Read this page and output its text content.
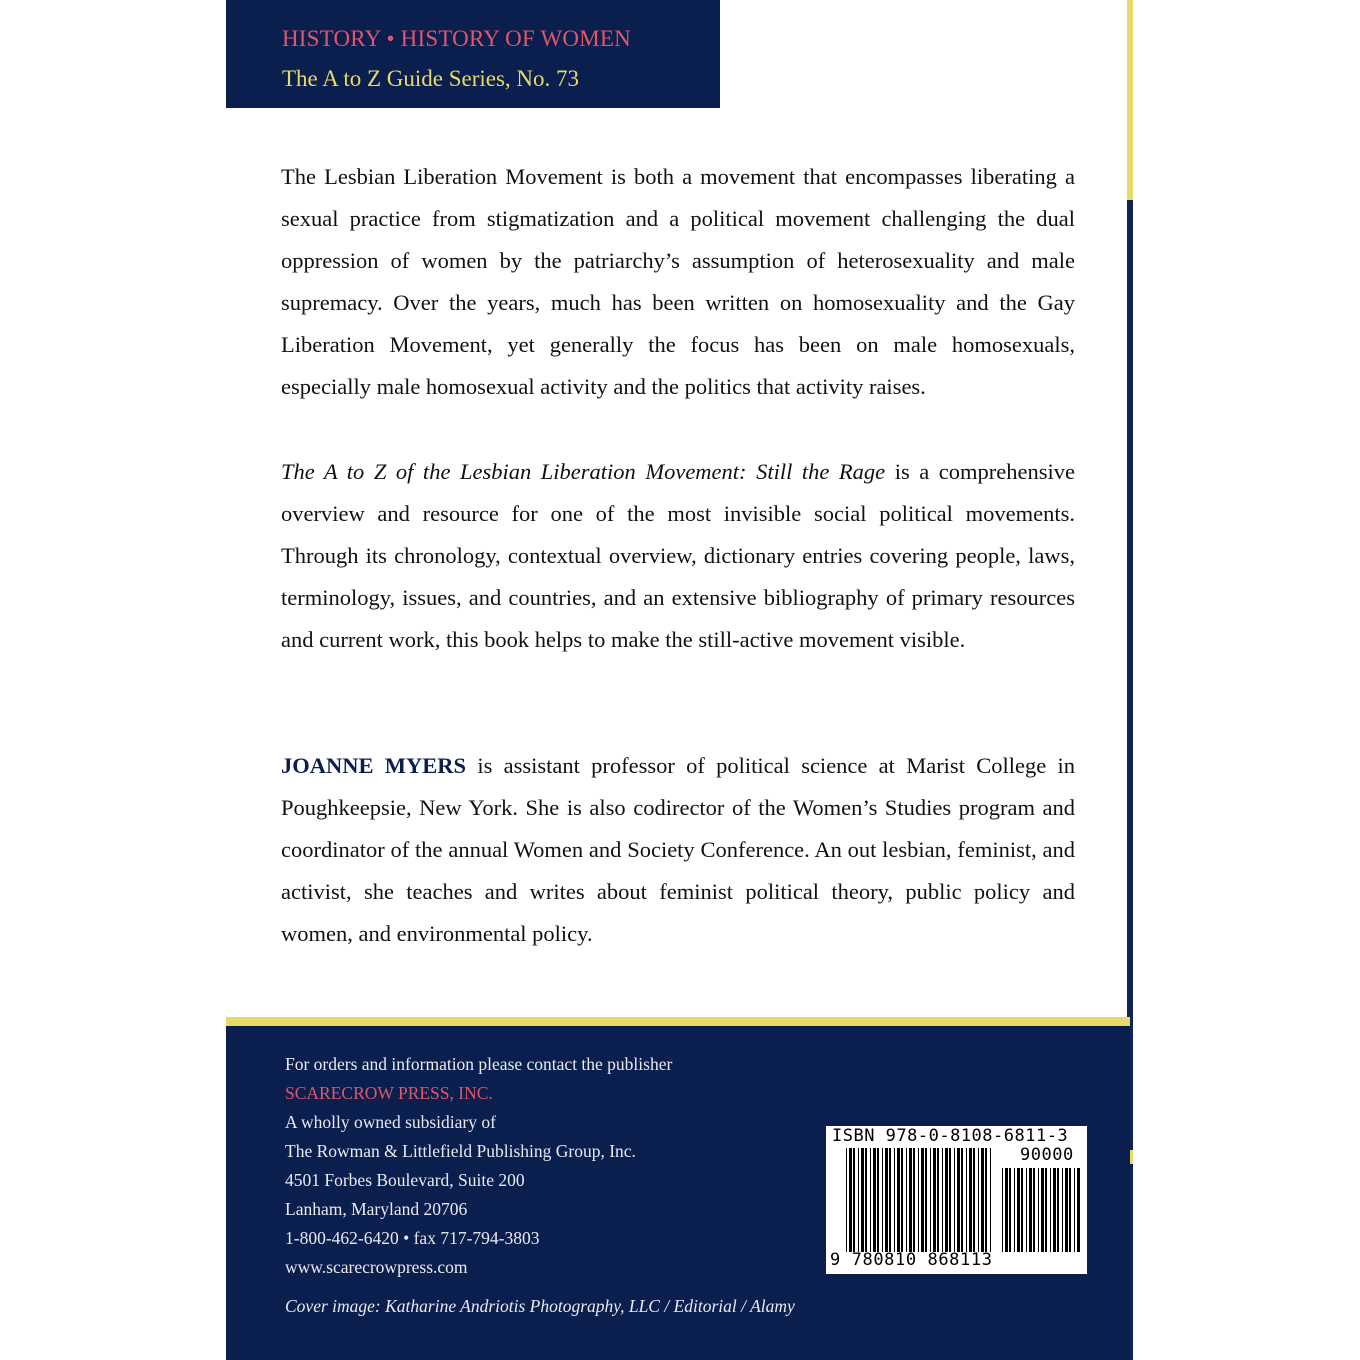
HISTORY • HISTORY OF WOMEN
The A to Z Guide Series, No. 73
The Lesbian Liberation Movement is both a movement that encompasses liberating a sexual practice from stigmatization and a political movement challenging the dual oppression of women by the patriarchy’s assumption of heterosexuality and male supremacy. Over the years, much has been written on homosexuality and the Gay Liberation Movement, yet generally the focus has been on male homosexuals, especially male homosexual activity and the politics that activity raises.
The A to Z of the Lesbian Liberation Movement: Still the Rage is a comprehensive overview and resource for one of the most invisible social political movements. Through its chronology, contextual overview, dictionary entries covering people, laws, terminology, issues, and countries, and an extensive bibliography of primary resources and current work, this book helps to make the still-active movement visible.
JOANNE MYERS is assistant professor of political science at Marist College in Poughkeepsie, New York. She is also codirector of the Women’s Studies program and coordinator of the annual Women and Society Conference. An out lesbian, feminist, and activist, she teaches and writes about feminist political theory, public policy and women, and environmental policy.
For orders and information please contact the publisher
SCARECROW PRESS, INC.
A wholly owned subsidiary of
The Rowman & Littlefield Publishing Group, Inc.
4501 Forbes Boulevard, Suite 200
Lanham, Maryland 20706
1-800-462-6420 • fax 717-794-3803
www.scarecrowpress.com
Cover image: Katharine Andriotis Photography, LLC / Editorial / Alamy
ISBN 978-0-8108-6811-3
90000
9 780810 868113
